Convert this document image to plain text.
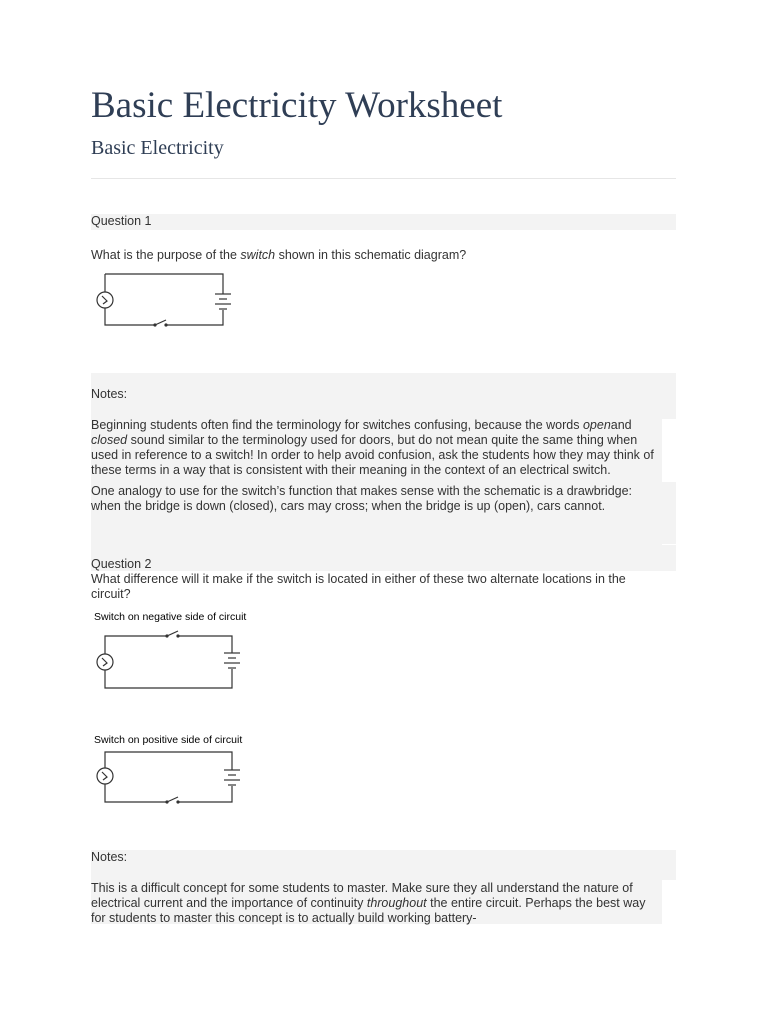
Basic Electricity Worksheet
Basic Electricity
Question 1
What is the purpose of the switch shown in this schematic diagram?
Notes:

Beginning students often find the terminology for switches confusing, because the words openand closed sound similar to the terminology used for doors, but do not mean quite the same thing when used in reference to a switch! In order to help avoid confusion, ask the students how they may think of these terms in a way that is consistent with their meaning in the context of an electrical switch.

One analogy to use for the switch’s function that makes sense with the schematic is a drawbridge: when the bridge is down (closed), cars may cross; when the bridge is up (open), cars cannot.

Question 2
What difference will it make if the switch is located in either of these two alternate locations in the circuit?
Switch on negative side of circuit
Switch on positive side of circuit
Notes:

This is a difficult concept for some students to master. Make sure they all understand the nature of electrical current and the importance of continuity throughout the entire circuit. Perhaps the best way for students to master this concept is to actually build working battery-
